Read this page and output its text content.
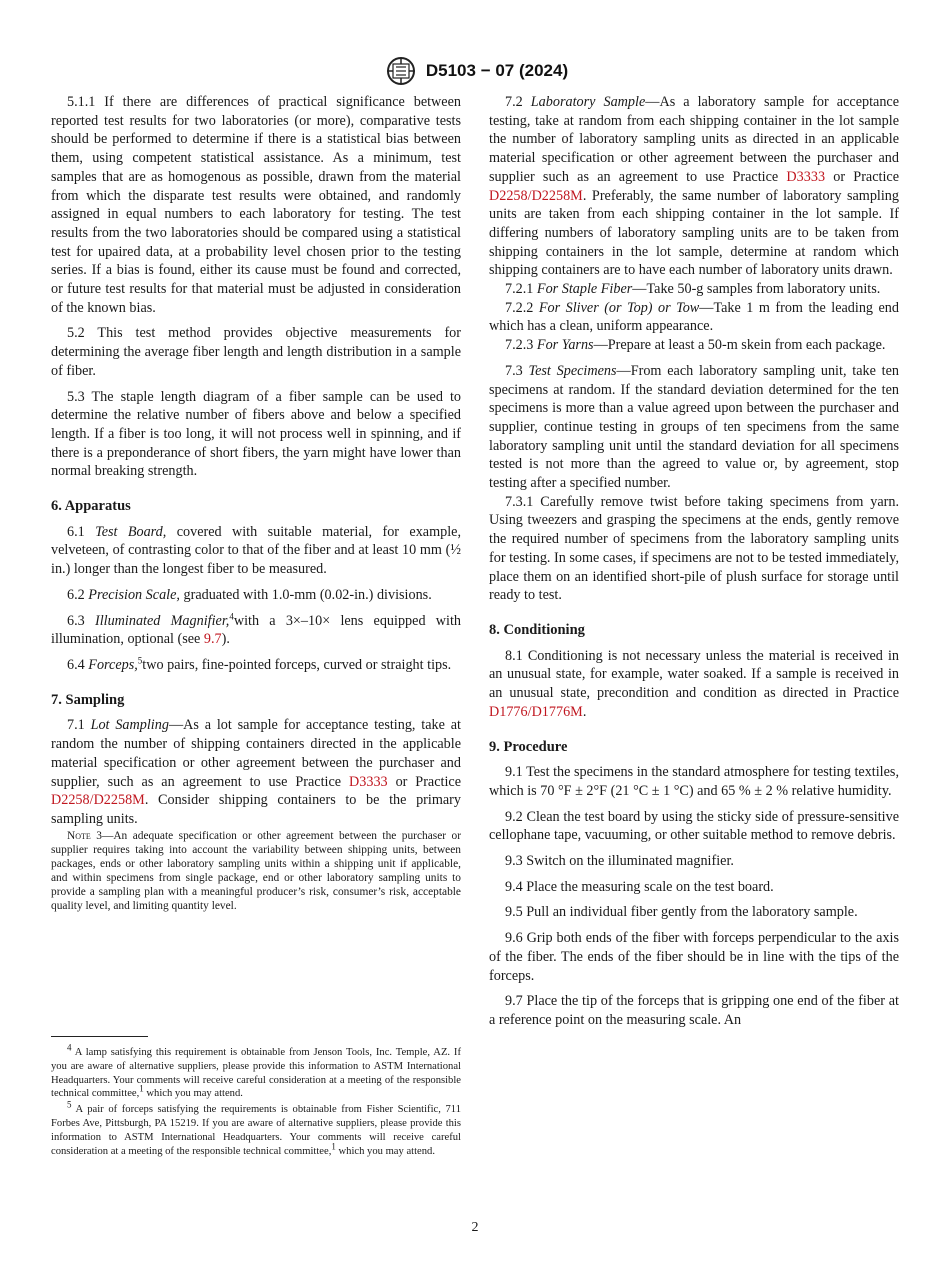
D5103 − 07 (2024)

5.1.1 If there are differences of practical significance between reported test results for two laboratories (or more), comparative tests should be performed to determine if there is a statistical bias between them, using competent statistical assistance. As a minimum, test samples that are as homogenous as possible, drawn from the material from which the disparate test results were obtained, and randomly assigned in equal numbers to each laboratory for testing. The test results from the two laboratories should be compared using a statistical test for upaired data, at a probability level chosen prior to the testing series. If a bias is found, either its cause must be found and corrected, or future test results for that material must be adjusted in consideration of the known bias.

5.2 This test method provides objective measurements for determining the average fiber length and length distribution in a sample of fiber.

5.3 The staple length diagram of a fiber sample can be used to determine the relative number of fibers above and below a specified length. If a fiber is too long, it will not process well in spinning, and if there is a preponderance of short fibers, the yarn might have lower than normal breaking strength.

6. Apparatus

6.1 Test Board, covered with suitable material, for example, velveteen, of contrasting color to that of the fiber and at least 10 mm (½ in.) longer than the longest fiber to be measured.

6.2 Precision Scale, graduated with 1.0-mm (0.02-in.) divisions.

6.3 Illuminated Magnifier,$^4$with a 3×–10× lens equipped with illumination, optional (see 9.7).

6.4 Forceps,$^5$two pairs, fine-pointed forceps, curved or straight tips.

7. Sampling

7.1 Lot Sampling—As a lot sample for acceptance testing, take at random the number of shipping containers directed in the applicable material specification or other agreement between the purchaser and supplier, such as an agreement to use Practice D3333 or Practice D2258/D2258M. Consider shipping containers to be the primary sampling units.

Note 3—An adequate specification or other agreement between the purchaser or supplier requires taking into account the variability between shipping units, between packages, ends or other laboratory sampling units within a shipping unit if applicable, and within specimens from single package, end or other laboratory sampling units to provide a sampling plan with a meaningful producer’s risk, consumer’s risk, acceptable quality level, and limiting quantity level.

$^4$ A lamp satisfying this requirement is obtainable from Jenson Tools, Inc. Temple, AZ. If you are aware of alternative suppliers, please provide this information to ASTM International Headquarters. Your comments will receive careful consideration at a meeting of the responsible technical committee,$^1$ which you may attend.

$^5$ A pair of forceps satisfying the requirements is obtainable from Fisher Scientific, 711 Forbes Ave, Pittsburgh, PA 15219. If you are aware of alternative suppliers, please provide this information to ASTM International Headquarters. Your comments will receive careful consideration at a meeting of the responsible technical committee,$^1$ which you may attend.

7.2 Laboratory Sample—As a laboratory sample for acceptance testing, take at random from each shipping container in the lot sample the number of laboratory sampling units as directed in an applicable material specification or other agreement between the purchaser and supplier such as an agreement to use Practice D3333 or Practice D2258/D2258M. Preferably, the same number of laboratory sampling units are taken from each shipping container in the lot sample. If differing numbers of laboratory sampling units are to be taken from shipping containers in the lot sample, determine at random which shipping containers are to have each number of laboratory units drawn.

7.2.1 For Staple Fiber—Take 50-g samples from laboratory units.

7.2.2 For Sliver (or Top) or Tow—Take 1 m from the leading end which has a clean, uniform appearance.

7.2.3 For Yarns—Prepare at least a 50-m skein from each package.

7.3 Test Specimens—From each laboratory sampling unit, take ten specimens at random. If the standard deviation determined for the ten specimens is more than a value agreed upon between the purchaser and supplier, continue testing in groups of ten specimens from the same laboratory sampling unit until the standard deviation for all specimens tested is not more than the agreed to value or, by agreement, stop testing after a specified number.

7.3.1 Carefully remove twist before taking specimens from yarn. Using tweezers and grasping the specimens at the ends, gently remove the required number of specimens from the laboratory sampling units for testing. In some cases, if specimens are not to be tested immediately, place them on an identified short-pile of plush surface for storage until ready to test.

8. Conditioning

8.1 Conditioning is not necessary unless the material is received in an unusual state, for example, water soaked. If a sample is received in an unusual state, precondition and condition as directed in Practice D1776/D1776M.

9. Procedure

9.1 Test the specimens in the standard atmosphere for testing textiles, which is 70 °F ± 2°F (21 °C ± 1 °C) and 65 % ± 2 % relative humidity.

9.2 Clean the test board by using the sticky side of pressure-sensitive cellophane tape, vacuuming, or other suitable method to remove debris.

9.3 Switch on the illuminated magnifier.

9.4 Place the measuring scale on the test board.

9.5 Pull an individual fiber gently from the laboratory sample.

9.6 Grip both ends of the fiber with forceps perpendicular to the axis of the fiber. The ends of the fiber should be in line with the tips of the forceps.

9.7 Place the tip of the forceps that is gripping one end of the fiber at a reference point on the measuring scale. An

2
